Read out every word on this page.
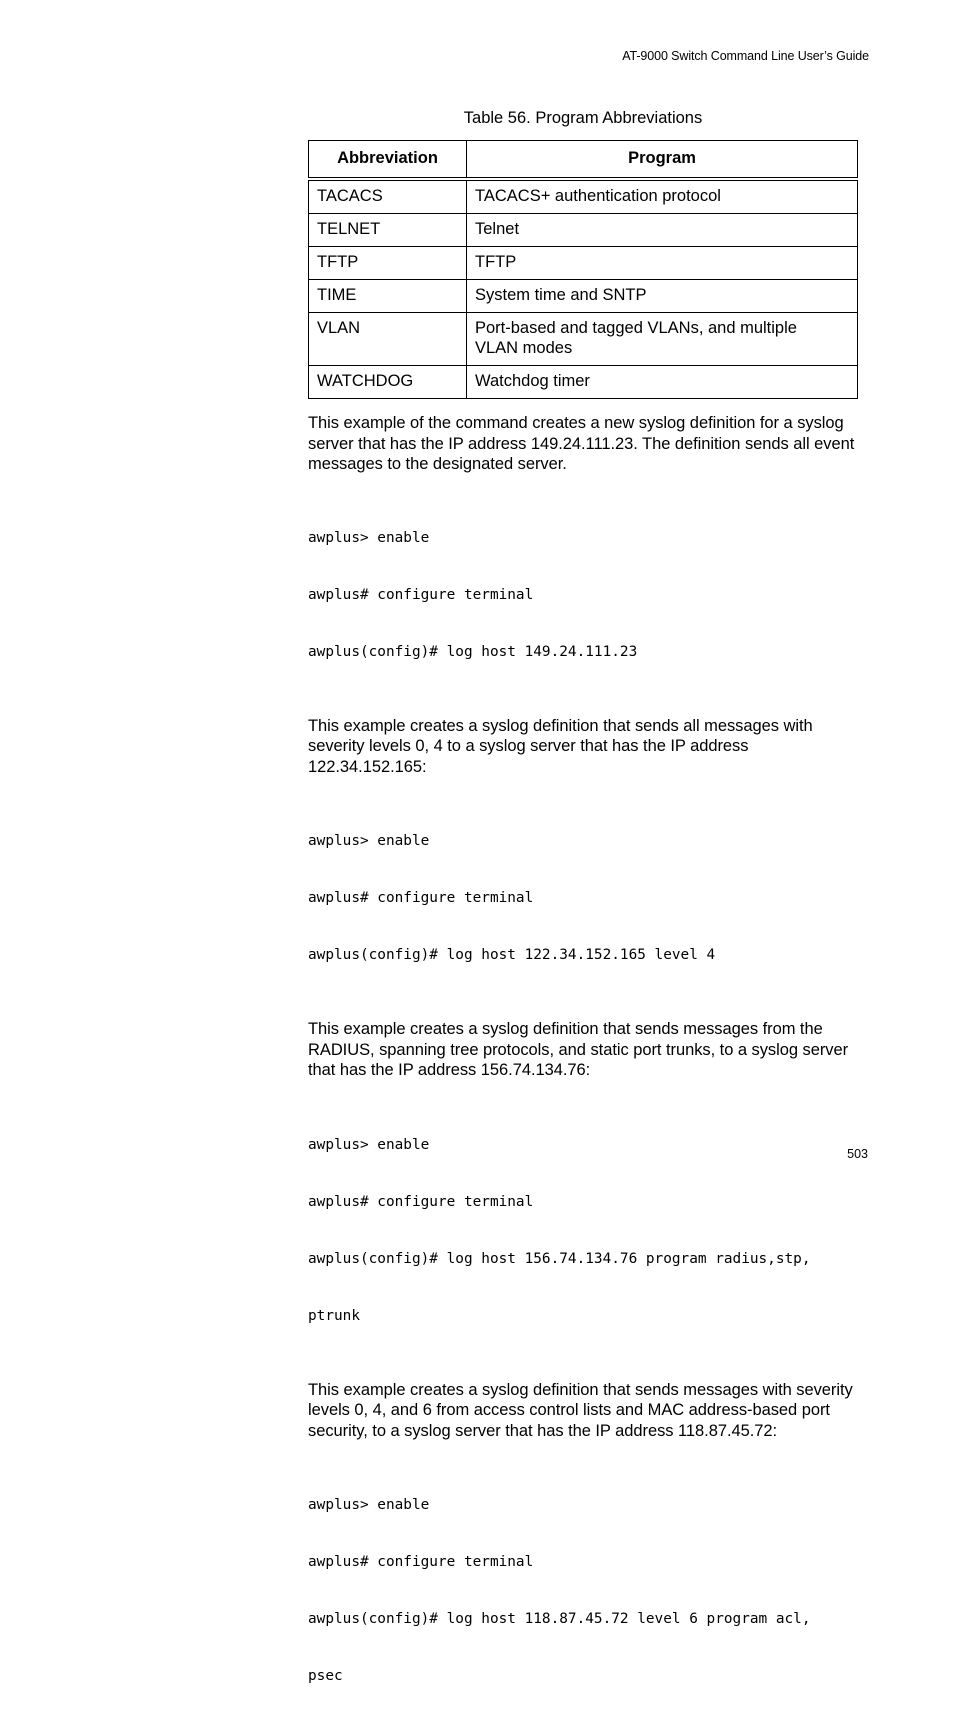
AT-9000 Switch Command Line User’s Guide
Table 56. Program Abbreviations
Abbreviation	Program
TACACS	TACACS+ authentication protocol
TELNET	Telnet
TFTP	TFTP
TIME	System time and SNTP
VLAN	Port-based and tagged VLANs, and multiple VLAN modes
WATCHDOG	Watchdog timer

This example of the command creates a new syslog definition for a syslog server that has the IP address 149.24.111.23. The definition sends all event messages to the designated server.

awplus> enable

awplus# configure terminal

awplus(config)# log host 149.24.111.23

This example creates a syslog definition that sends all messages with severity levels 0, 4 to a syslog server that has the IP address 122.34.152.165:

awplus> enable

awplus# configure terminal

awplus(config)# log host 122.34.152.165 level 4

This example creates a syslog definition that sends messages from the RADIUS, spanning tree protocols, and static port trunks, to a syslog server that has the IP address 156.74.134.76:

awplus> enable

awplus# configure terminal

awplus(config)# log host 156.74.134.76 program radius,stp,

ptrunk

This example creates a syslog definition that sends messages with severity levels 0, 4, and 6 from access control lists and MAC address-based port security, to a syslog server that has the IP address 118.87.45.72:

awplus> enable

awplus# configure terminal

awplus(config)# log host 118.87.45.72 level 6 program acl,

psec

503
